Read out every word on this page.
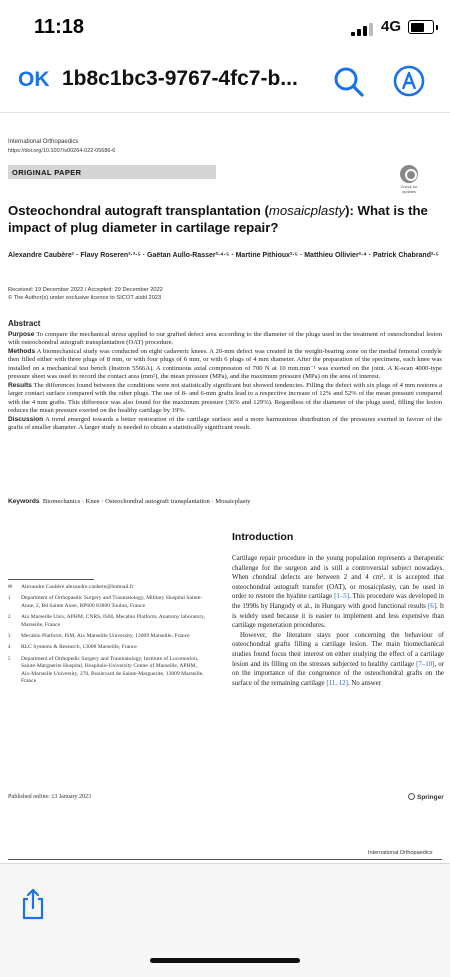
11:18	4G
OK 1b8c1bc3-9767-4fc7-b...
International Orthopaedics
https://doi.org/10.1007/s00264-022-05686-6
ORIGINAL PAPER
Check for updates
Osteochondral autograft transplantation (mosaicplasty): What is the impact of plug diameter in cartilage repair?
Alexandre Caubère¹ · Flavy Roseren²·³·⁵ · Gaëtan Aullo-Rasser²·⁴·⁵ · Martine Pithioux²·⁵ · Matthieu Ollivier²·⁴ · Patrick Chabrand²·⁵
Received: 19 December 2022 / Accepted: 29 December 2022
© The Author(s) under exclusive licence to SICOT aisbl 2023
Abstract

Purpose To compare the mechanical stress applied to our grafted defect area according to the diameter of the plugs used in the treatment of osteochondral lesion with osteochondral autograft transplantation (OAT) procedure.

Methods A biomechanical study was conducted on eight cadaveric knees. A 20-mm defect was created in the weight-bearing zone on the medial femoral condyle then filled either with three plugs of 8 mm, or with four plugs of 6 mm, or with 6 plugs of 4 mm diameter. After the preparation of the specimens, each knee was installed on a mechanical test bench (Instron 5566A). A continuous axial compression of 700 N at 10 mm.min⁻¹ was exerted on the joint. A K-scan 4000-type pressure sheet was used to record the contact area (mm²), the mean pressure (MPa), and the maximum pressure (MPa) on the area of interest.

Results The differences found between the conditions were not statistically significant but showed tendencies. Filling the defect with six plugs of 4 mm restores a larger contact surface compared with the other plugs. The use of 8- and 6-mm grafts lead to a respective increase of 12% and 52% of the mean pressure compared with the 4 mm grafts. This difference was also found for the maximum pressure (36% and 129%). Regardless of the diameter of the plugs used, filling the lesion reduces the mean pressure exerted on the healthy cartilage by 19%.

Discussion A trend emerged towards a better restoration of the cartilage surface and a more harmonious distribution of the pressures exerted in favour of the grafts of smaller diameter. A larger study is needed to obtain a statistically significant result.

Keywords Biomechanics · Knee · Osteochondral autograft transplantation · Mosaicplasty
Introduction

Cartilage repair procedure in the young population represents a therapeutic challenge for the surgeon and is still a controversial subject nowadays. When chondral defects are between 2 and 4 cm², it is accepted that osteochondral autograft transfer (OAT), or mosaicplasty, can be used in order to restore the hyaline cartilage [1–5]. This procedure was developed in the 1990s by Hangody et al., in Hungary with good functional results [6]. It is widely used because it is easier to implement and less expensive than cartilage regeneration procedures.

However, the literature stays poor concerning the behaviour of osteochondral grafts filling a cartilage lesion. The main biomechanical studies found focus their interest on either studying the effect of a cartilage lesion and its filling on the stresses subjected to healthy cartilage [7–10], or on the importance of the congruence of the osteochondral grafts on the surface of the remaining cartilage [11, 12]. No answer

✉ Alexandre Caubère alexandre.caubere@hotmail.fr
1 Department of Orthopaedic Surgery and Traumatology, Military Hospital Sainte-Anne, 2, Bd Sainte Anne, BP600 83800 Toulon, France
2 Aix Marseille Univ, APHM, CNRS, ISM, Mecabio Platform, Anatomy laboratory, Marseille, France
3 Mecabio Platform, ISM, Aix Marseille University, 13009 Marseille, France
4 RLC Systems & Research, 13008 Marseille, France
5 Department of Orthopedic Surgery and Traumatology, Institute of Locomotion, Sainte-Marguerite Hospital, Hospitalo-University Center of Marseille, APHM, Aix-Marseille University, 270, Boulevard de Sainte-Marguerite, 13009 Marseille, France
Published online: 13 January 2023	Springer
International Orthopaedics
